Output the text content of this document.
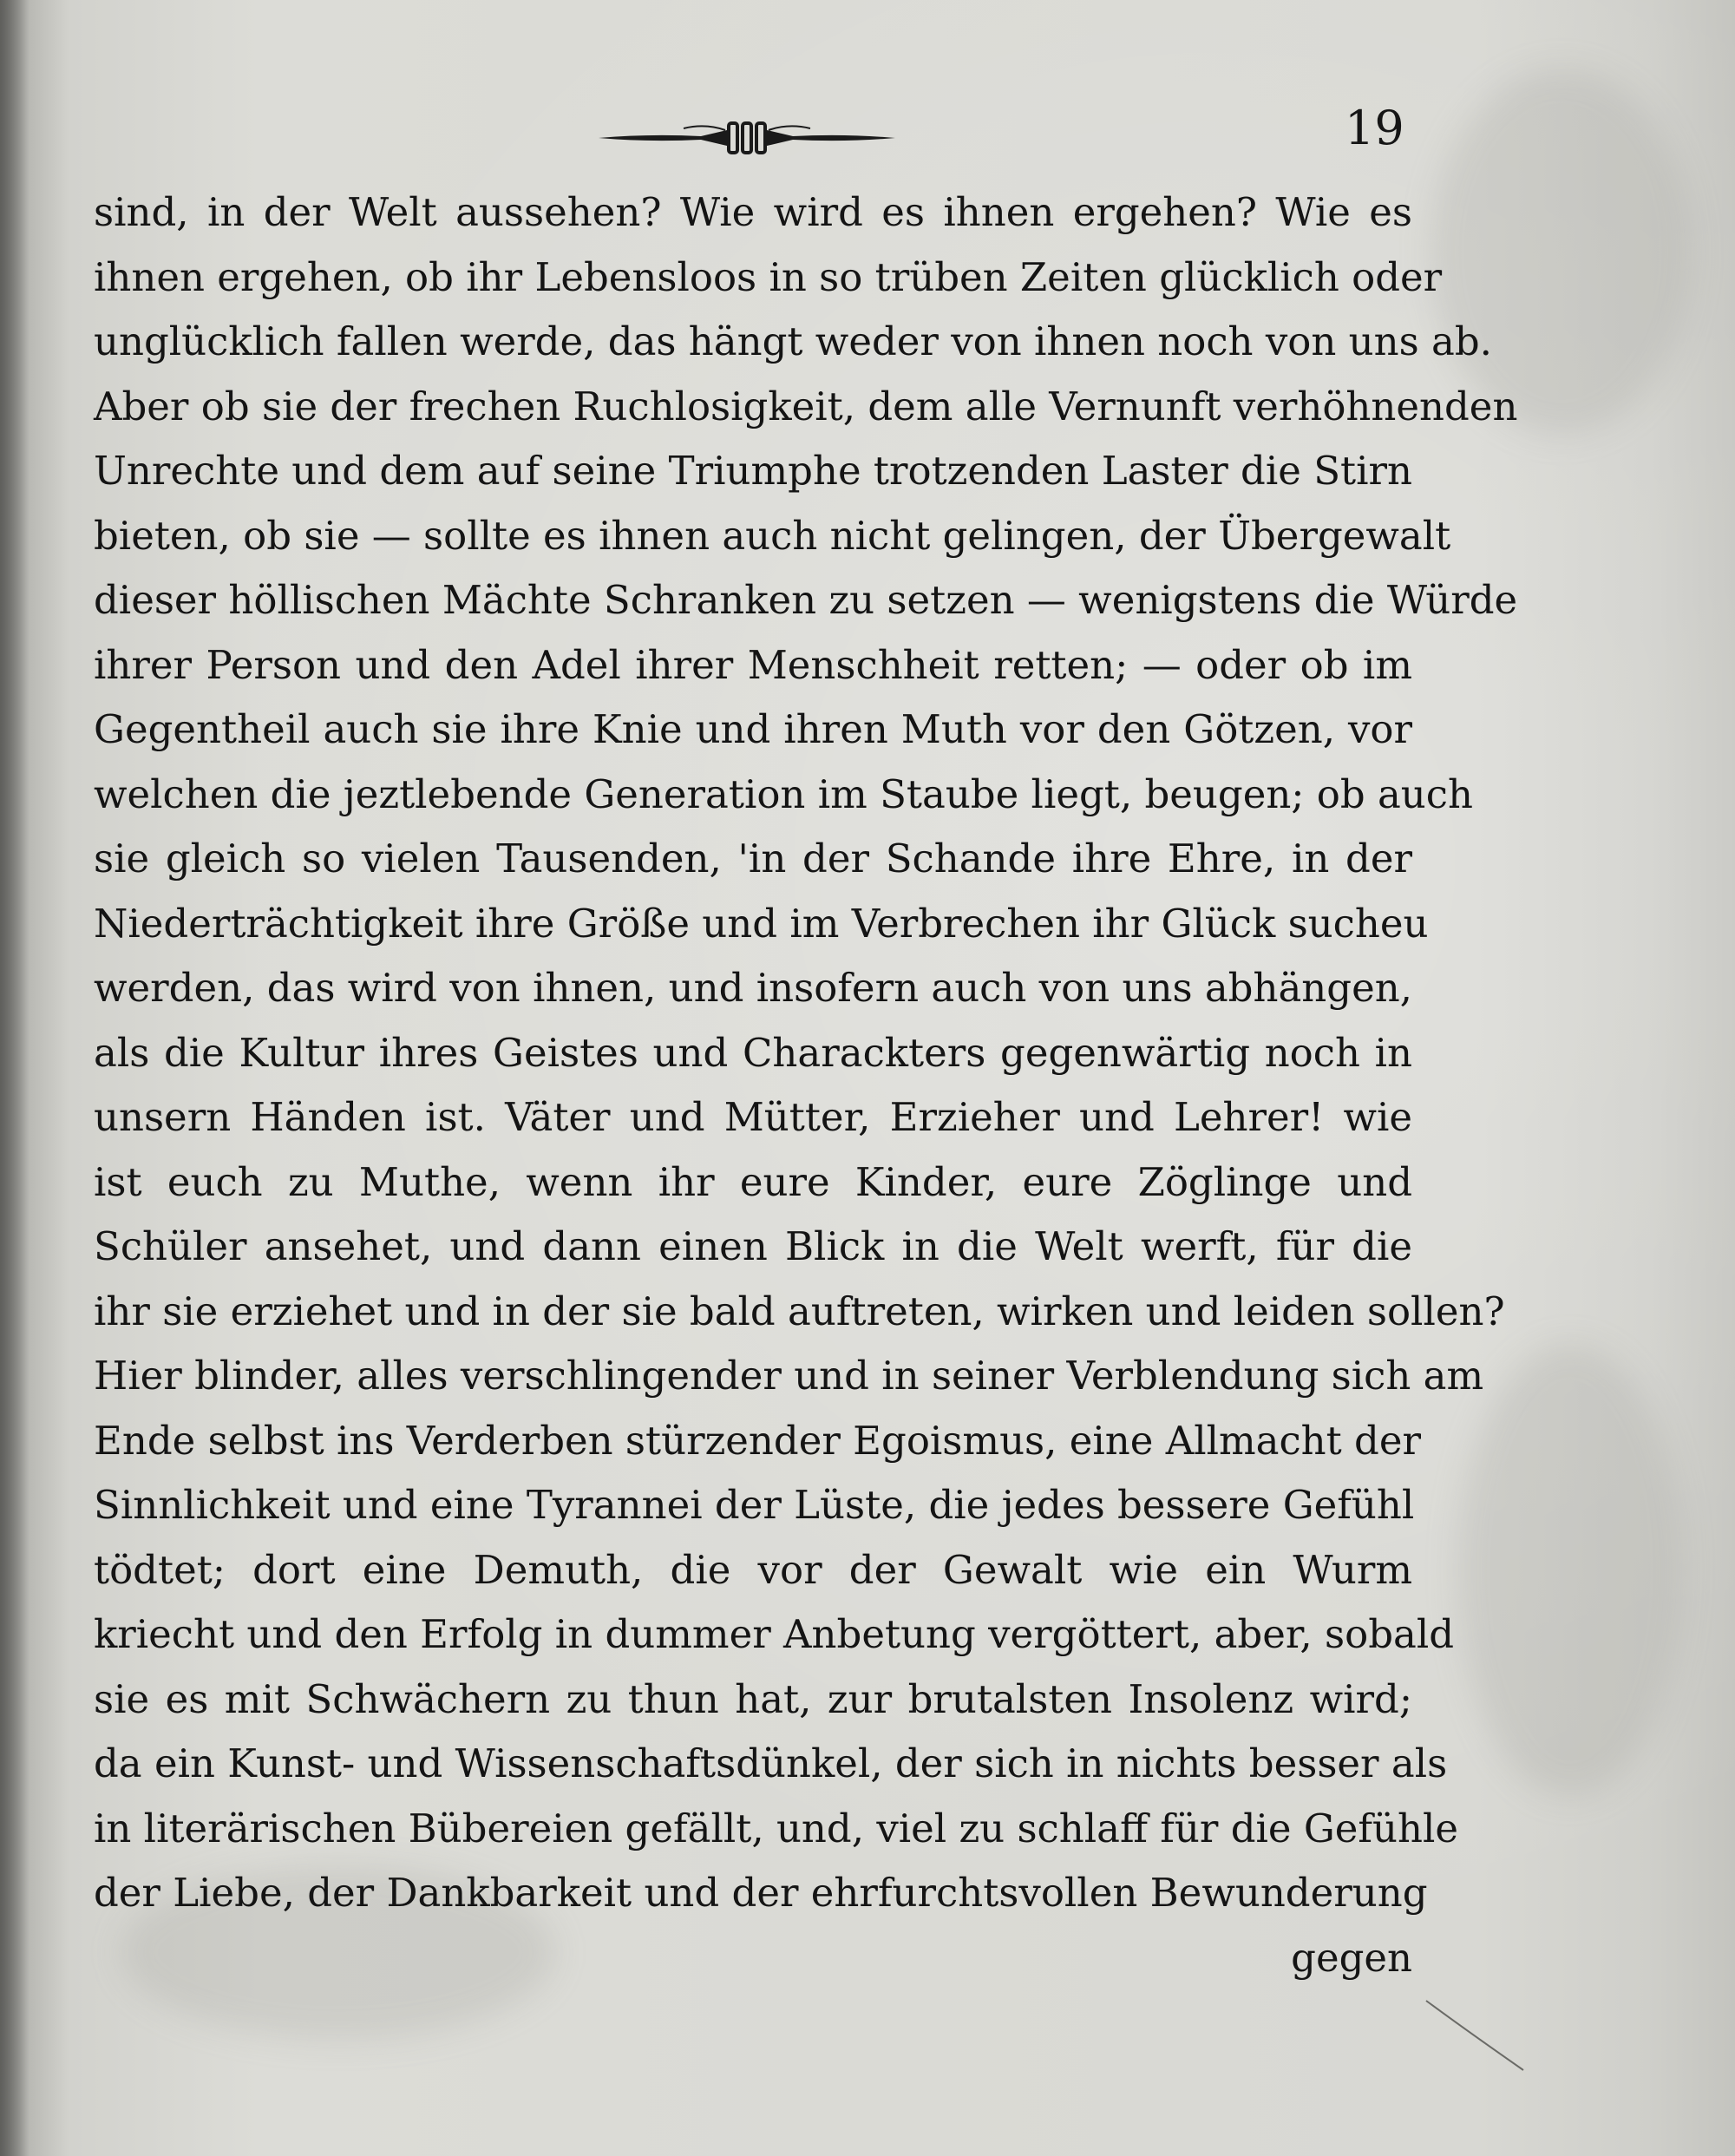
19
sind, in der Welt aussehen? Wie wird es ihnen ergehen? Wie es
ihnen ergehen, ob ihr Lebensloos in so trüben Zeiten glücklich oder
unglücklich fallen werde, das hängt weder von ihnen noch von uns ab.
Aber ob sie der frechen Ruchlosigkeit, dem alle Vernunft verhöhnenden
Unrechte und dem auf seine Triumphe trotzenden Laster die Stirn
bieten, ob sie — sollte es ihnen auch nicht gelingen, der Übergewalt
dieser höllischen Mächte Schranken zu setzen — wenigstens die Würde
ihrer Person und den Adel ihrer Menschheit retten; — oder ob im
Gegentheil auch sie ihre Knie und ihren Muth vor den Götzen, vor
welchen die jeztlebende Generation im Staube liegt, beugen; ob auch
sie gleich so vielen Tausenden, 'in der Schande ihre Ehre, in der
Niederträchtigkeit ihre Größe und im Verbrechen ihr Glück sucheu
werden, das wird von ihnen, und insofern auch von uns abhängen,
als die Kultur ihres Geistes und Charackters gegenwärtig noch in
unsern Händen ist. Väter und Mütter, Erzieher und Lehrer! wie
ist euch zu Muthe, wenn ihr eure Kinder, eure Zöglinge und
Schüler ansehet, und dann einen Blick in die Welt werft, für die
ihr sie erziehet und in der sie bald auftreten, wirken und leiden sollen?
Hier blinder, alles verschlingender und in seiner Verblendung sich am
Ende selbst ins Verderben stürzender Egoismus, eine Allmacht der
Sinnlichkeit und eine Tyrannei der Lüste, die jedes bessere Gefühl
tödtet; dort eine Demuth, die vor der Gewalt wie ein Wurm
kriecht und den Erfolg in dummer Anbetung vergöttert, aber, sobald
sie es mit Schwächern zu thun hat, zur brutalsten Insolenz wird;
da ein Kunst- und Wissenschaftsdünkel, der sich in nichts besser als
in literärischen Bübereien gefällt, und, viel zu schlaff für die Gefühle
der Liebe, der Dankbarkeit und der ehrfurchtsvollen Bewunderung
gegen
